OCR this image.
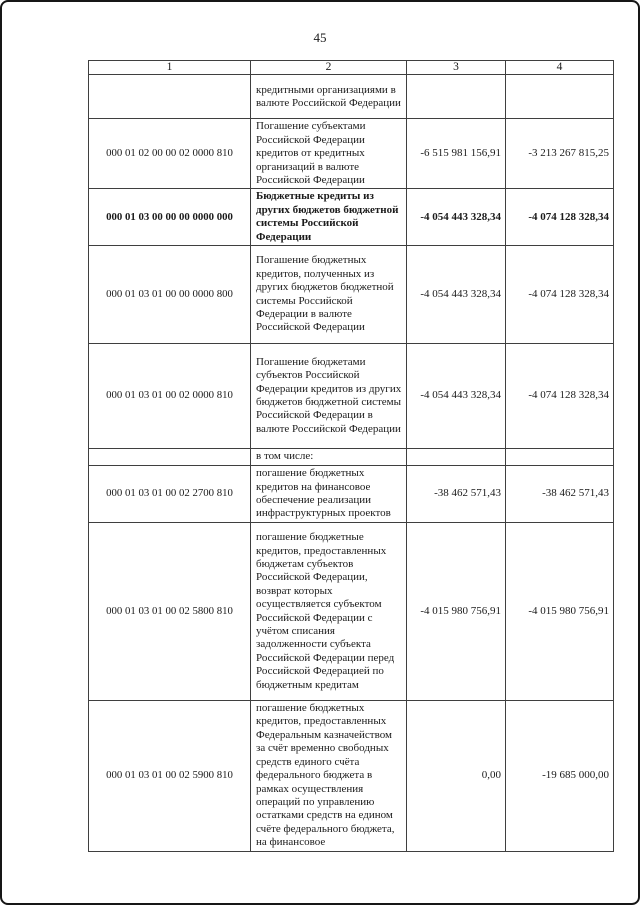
45
1	2	3	4
	кредитными организациями в валюте Российской Федерации		
000 01 02 00 00 02 0000 810	Погашение субъектами Российской Федерации кредитов от кредитных организаций в валюте Российской Федерации	-6 515 981 156,91	-3 213 267 815,25
000 01 03 00 00 00 0000 000	Бюджетные кредиты из других бюджетов бюджетной системы Российской Федерации	-4 054 443 328,34	-4 074 128 328,34
000 01 03 01 00 00 0000 800	Погашение бюджетных кредитов, полученных из других бюджетов бюджетной системы Российской Федерации в валюте Российской Федерации	-4 054 443 328,34	-4 074 128 328,34
000 01 03 01 00 02 0000 810	Погашение бюджетами субъектов Российской Федерации кредитов из других бюджетов бюджетной системы Российской Федерации в валюте Российской Федерации	-4 054 443 328,34	-4 074 128 328,34
	в том числе:		
000 01 03 01 00 02 2700 810	погашение бюджетных кредитов на финансовое обеспечение реализации инфраструктурных проектов	-38 462 571,43	-38 462 571,43
000 01 03 01 00 02 5800 810	погашение бюджетные кредитов, предоставленных бюджетам субъектов Российской Федерации, возврат которых осуществляется субъектом Российской Федерации с учётом списания задолженности субъекта Российской Федерации перед Российской Федерацией по бюджетным кредитам	-4 015 980 756,91	-4 015 980 756,91
000 01 03 01 00 02 5900 810	погашение бюджетных кредитов, предоставленных Федеральным казначейством за счёт временно свободных средств единого счёта федерального бюджета в рамках осуществления операций по управлению остатками средств на едином счёте федерального бюджета, на финансовое	0,00	-19 685 000,00
